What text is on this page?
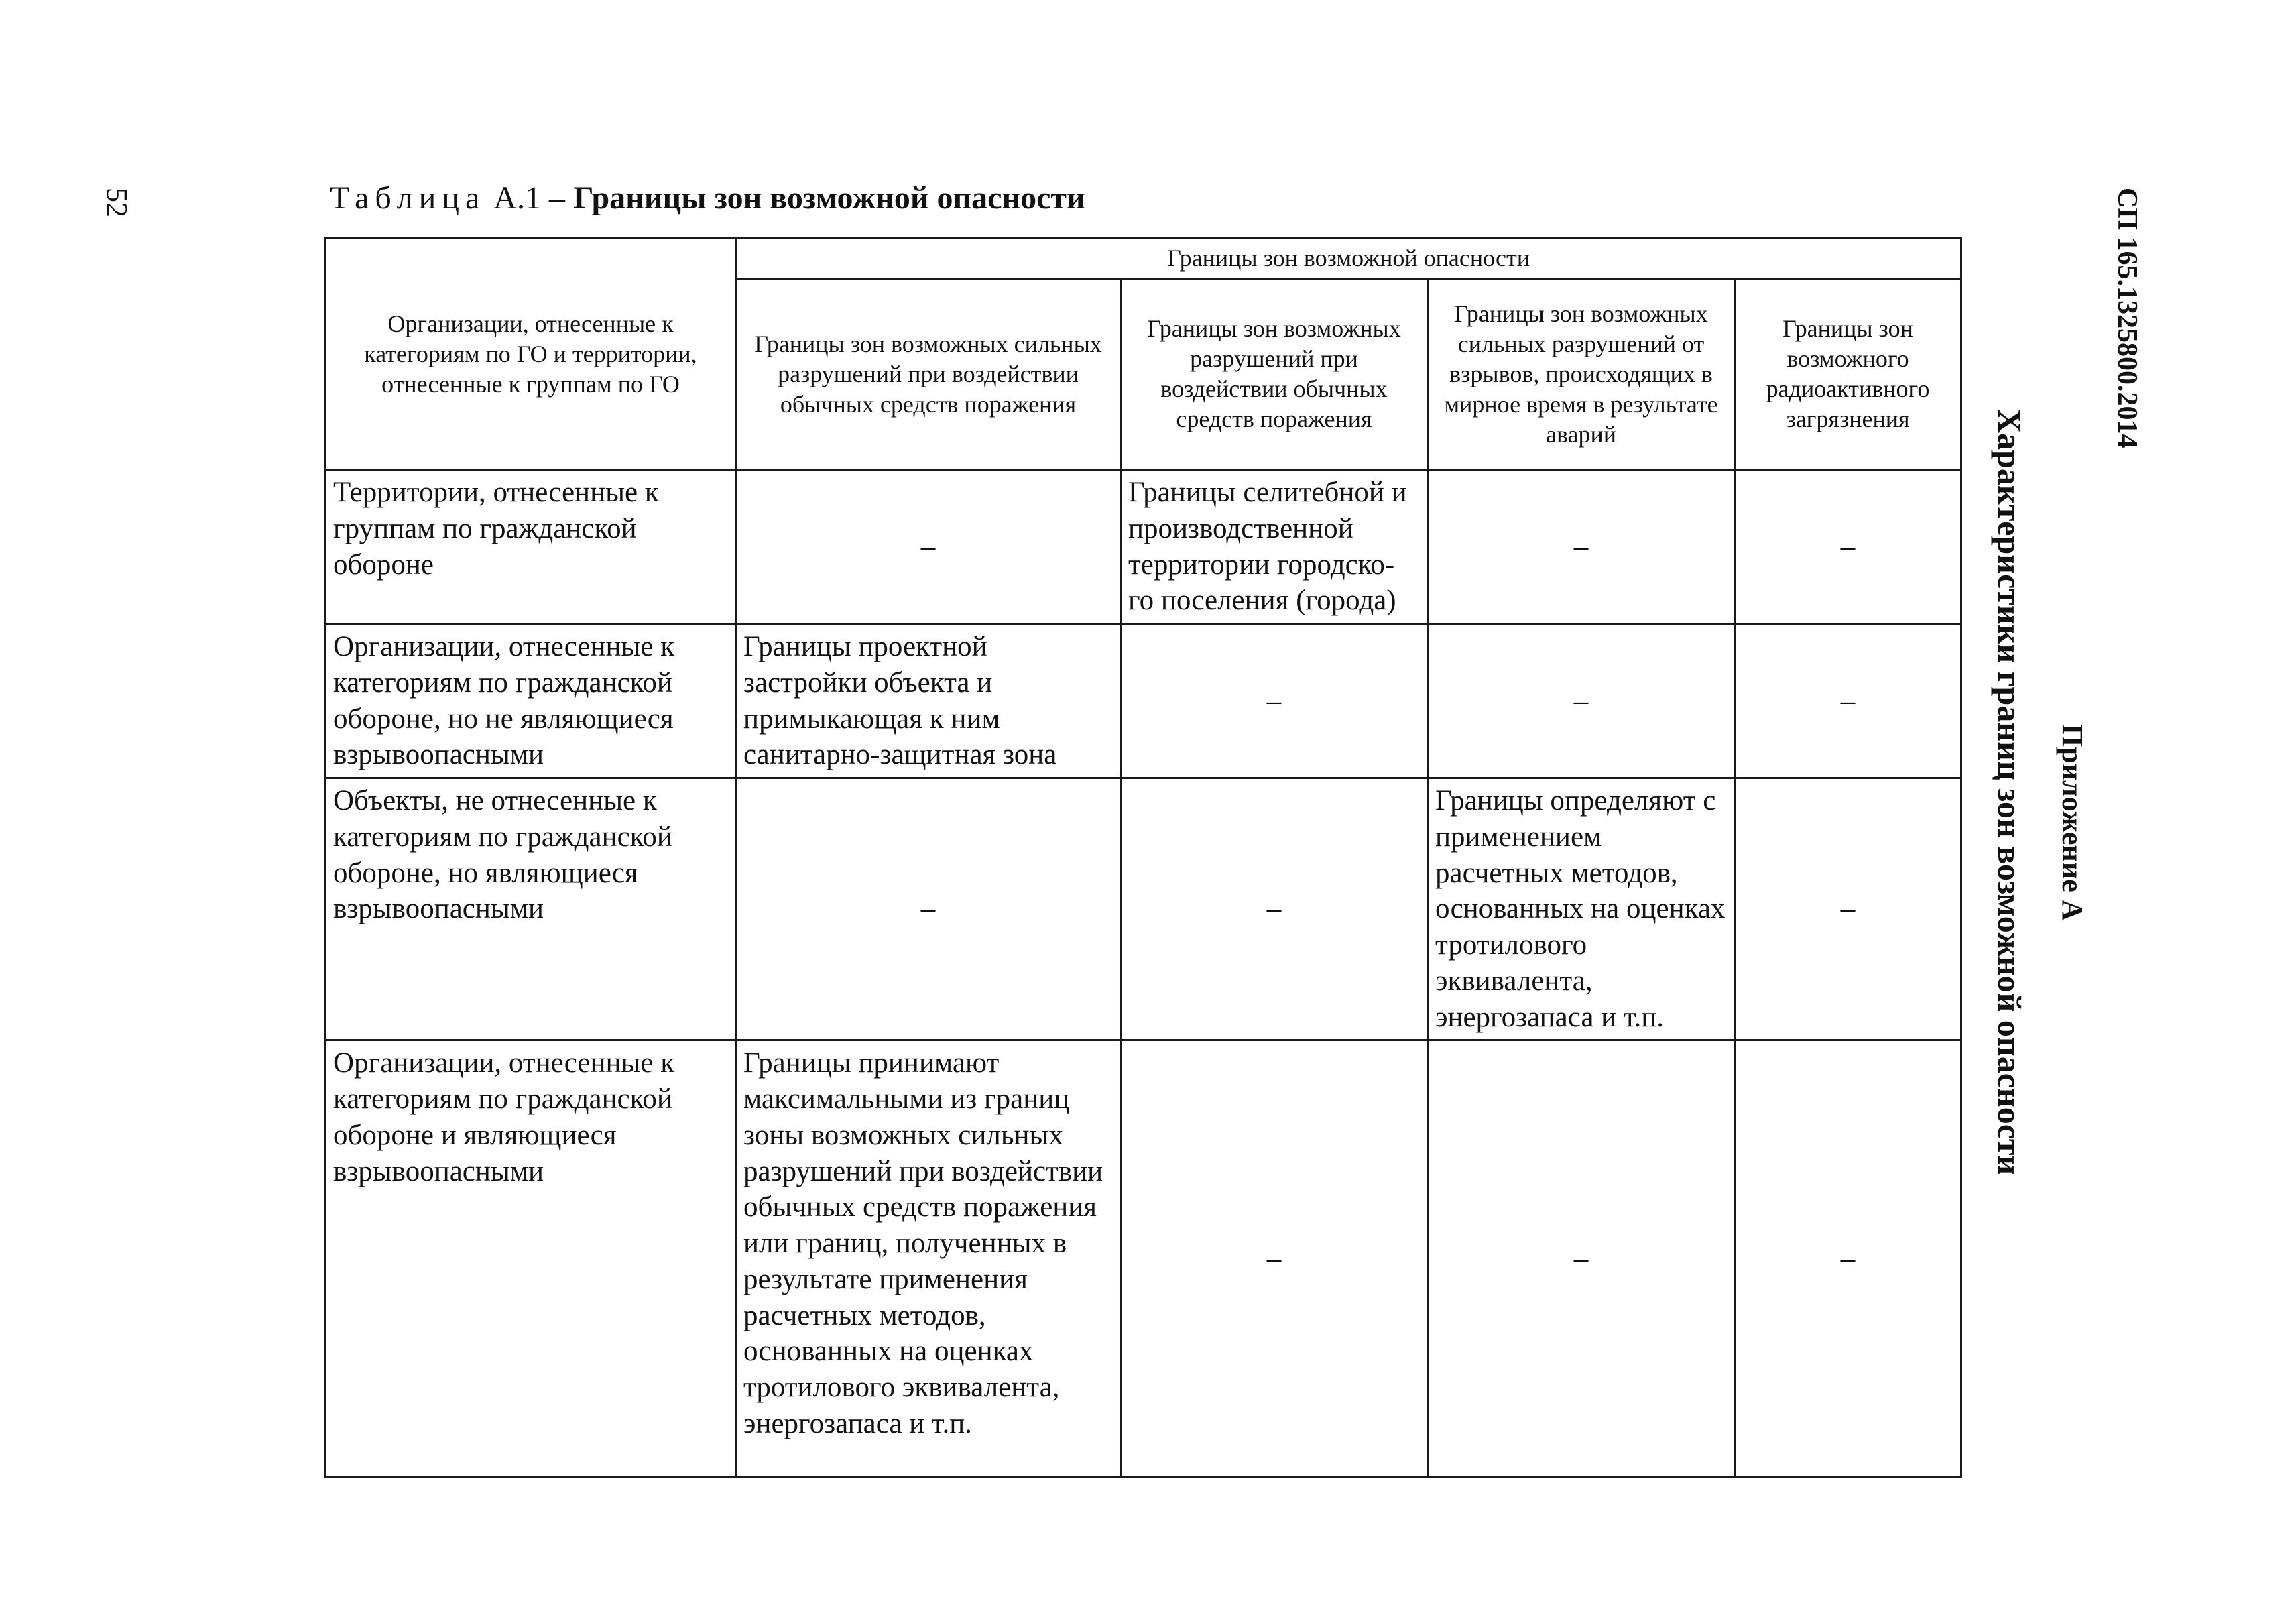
52	Таблица А.1 – Границы зон возможной опасности
Организации, отнесенные к категориям по ГО и территории, отнесенные к группам по ГО	Границы зон возможной опасности			
	Границы зон возможных сильных разрушений при воздействии обычных средств поражения	Границы зон возможных разрушений при воздействии обычных средств поражения	Границы зон возможных сильных разрушений от взрывов, происходящих в мирное время в результате аварий	Границы зон возможного радиоактивного загрязнения
Территории, отнесенные к группам по гражданской обороне	–	Границы селитебной и производственной территории городско-го поселения (города)	–	–
Организации, отнесенные к категориям по гражданской обороне, но не являющиеся взрывоопасными	Границы проектной застройки объекта и примыкающая к ним санитарно-защитная зона	–	–	–
Объекты, не отнесенные к категориям по гражданской обороне, но являющиеся взрывоопасными	–	–	Границы определяют с применением расчетных методов, основанных на оценках тротилового эквивалента, энергозапаса и т.п.	–
Организации, отнесенные к категориям по гражданской обороне и являющиеся взрывоопасными	Границы принимают максимальными из границ зоны возможных сильных разрушений при воздействии обычных средств поражения или границ, полученных в результате применения расчетных методов, основанных на оценках тротилового эквивалента, энергозапаса и т.п.	–	–	–
Характеристики границ зон возможной опасности Приложение А
СП 165.1325800.2014
